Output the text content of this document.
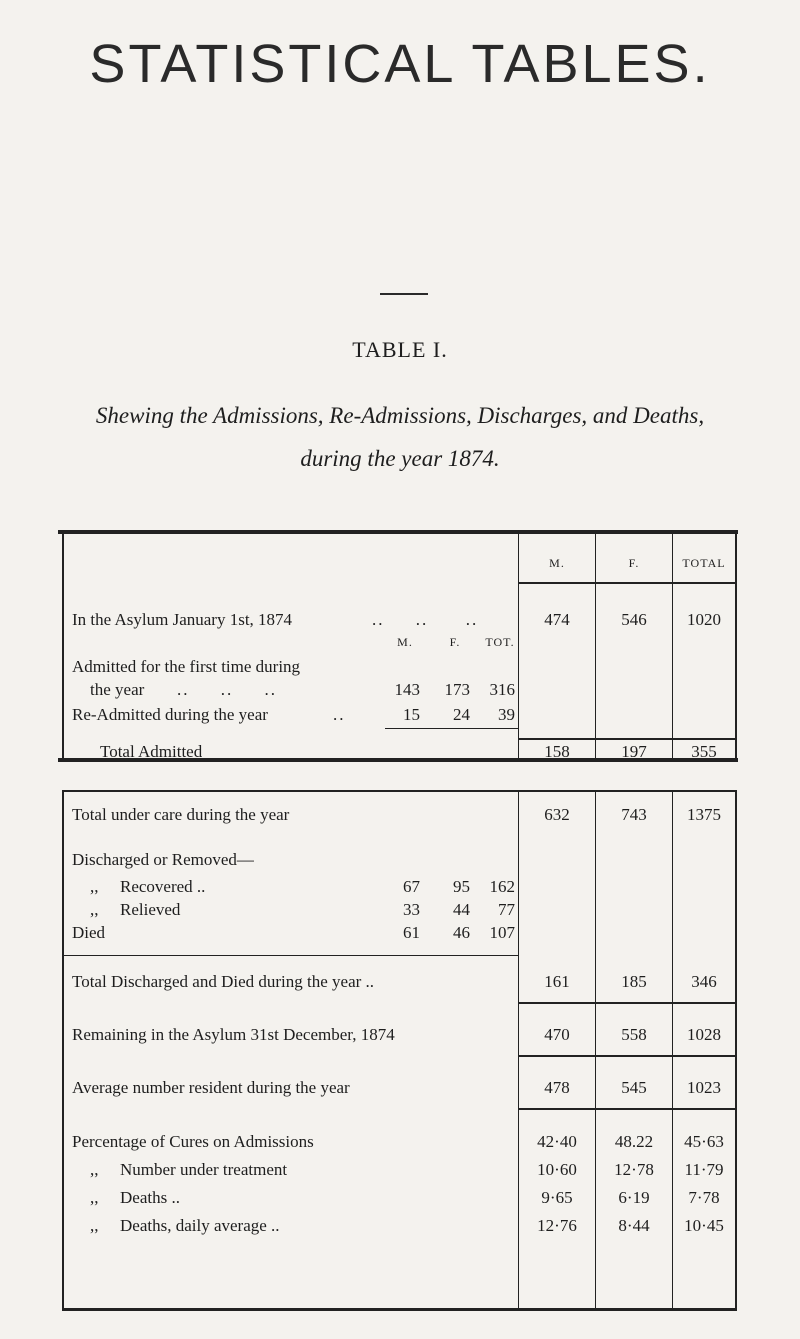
STATISTICAL TABLES.
TABLE I.
Shewing the Admissions, Re-Admissions, Discharges, and Deaths,
during the year 1874.
M.	F.	TOTAL
In the Asylum January 1st, 1874	..     ..      ..	474	546	1020
M.	F.	TOT.
Admitted for the first time during
the year ..     ..     ..	143	173	316
Re-Admitted during the year	..	15	24	39
Total Admitted	158	197	355
Total under care during the year	632	743	1375
Discharged or Removed—
,, Recovered ..	67	95	162
,, Relieved	33	44	77
Died	61	46	107
Total Discharged and Died during the year ..	161	185	346
Remaining in the Asylum 31st December, 1874	470	558	1028
Average number resident during the year	478	545	1023
Percentage of Cures on Admissions	42·40	48.22	45·63
,, Number under treatment	10·60	12·78	11·79
,, Deaths ..	9·65	6·19	7·78
,, Deaths, daily average ..	12·76	8·44	10·45
